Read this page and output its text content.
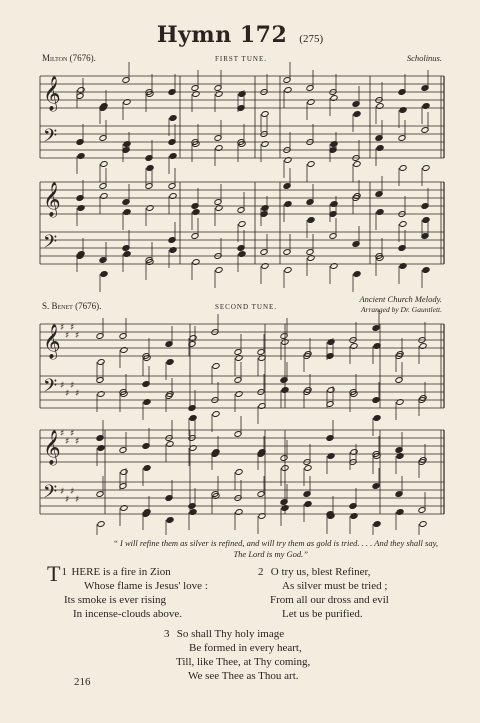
Hymn 172 (275)
Milton (7676).	FIRST TUNE.	Scholinus.
S. Benet (7676).	SECOND TUNE.
Ancient Church Melody.
Arranged by Dr. Gauntlett.
𝄞
𝄢
𝄞
𝄢
𝄞 ♯
♯
♯
♯
𝄢 ♯
♯
♯
♯
𝄞 ♯
♯
♯
♯
𝄢 ♯
♯
♯
♯
“ I will refine them as silver is refined, and will try them as gold is tried. . . . And they shall say,
The Lord is my God.”
1
T HERE is a fire in Zion
Whose flame is Jesus' love :
Its smoke is ever rising
In incense-clouds above.
2 O try us, blest Refiner,
As silver must be tried ;
From all our dross and evil
Let us be purified.
3 So shall Thy holy image
Be formed in every heart,
Till, like Thee, at Thy coming,
We see Thee as Thou art.
216
